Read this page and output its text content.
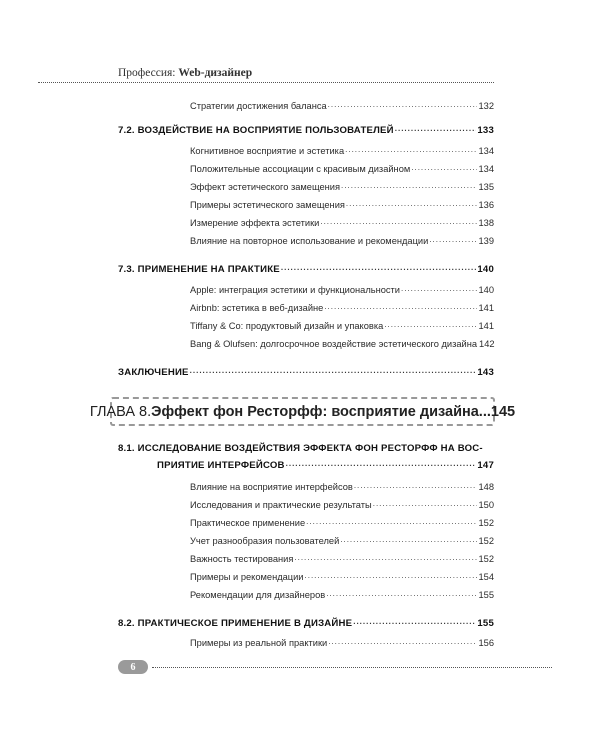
Профессия: Web-дизайнер
Стратегии достижения баланса .....	132
7.2. ВОЗДЕЙСТВИЕ НА ВОСПРИЯТИЕ ПОЛЬЗОВАТЕЛЕЙ .....	133
Когнитивное восприятие и эстетика .....	134
Положительные ассоциации с красивым дизайном .....	134
Эффект эстетического замещения .....	135
Примеры эстетического замещения .....	136
Измерение эффекта эстетики .....	138
Влияние на повторное использование и рекомендации .....	139
7.3. ПРИМЕНЕНИЕ НА ПРАКТИКЕ .....	140
Apple: интеграция эстетики и функциональности .....	140
Airbnb: эстетика в веб-дизайне .....	141
Tiffany & Co: продуктовый дизайн и упаковка .....	141
Bang & Olufsen: долгосрочное воздействие эстетического дизайна 142
ЗАКЛЮЧЕНИЕ .....	143
ГЛАВА 8. Эффект фон Ресторфф: восприятие дизайна...145
8.1. ИССЛЕДОВАНИЕ ВОЗДЕЙСТВИЯ ЭФФЕКТА ФОН РЕСТОРФФ НА ВОС-
ПРИЯТИЕ ИНТЕРФЕЙСОВ .....	147
Влияние на восприятие интерфейсов .....	148
Исследования и практические результаты .....	150
Практическое применение .....	152
Учет разнообразия пользователей .....	152
Важность тестирования .....	152
Примеры и рекомендации .....	154
Рекомендации для дизайнеров .....	155
8.2. ПРАКТИЧЕСКОЕ ПРИМЕНЕНИЕ В ДИЗАЙНЕ .....	155
Примеры из реальной практики .....	156
6
